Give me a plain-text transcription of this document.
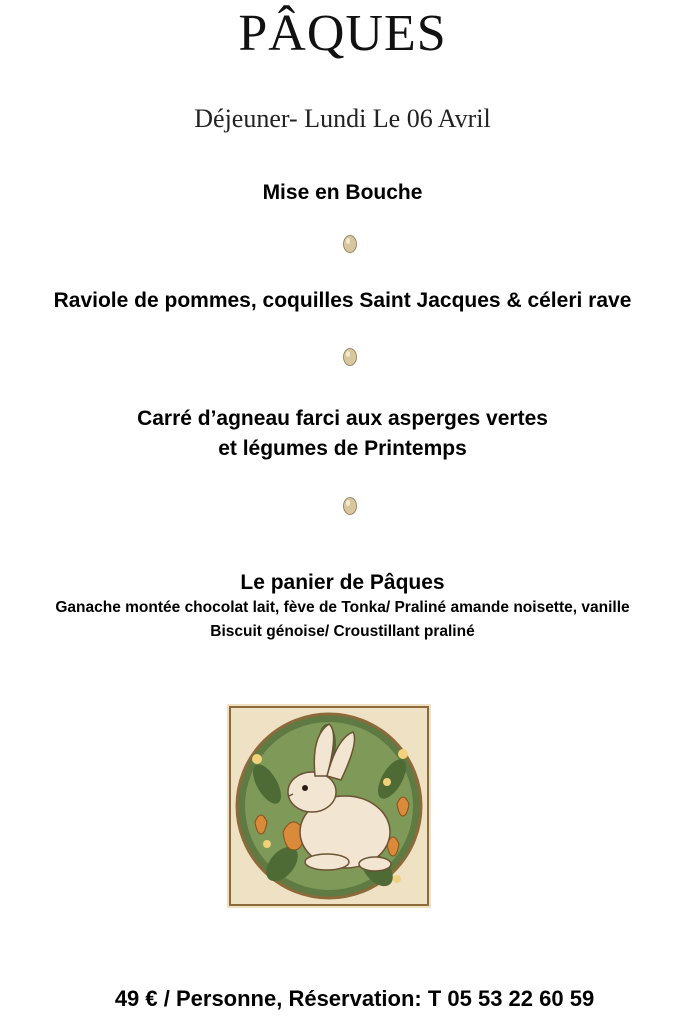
PÂQUES
Déjeuner- Lundi Le 06 Avril
Mise en Bouche
Raviole de pommes, coquilles Saint Jacques & céleri rave
Carré d’agneau farci aux asperges vertes
et légumes de Printemps
Le panier de Pâques
Ganache montée chocolat lait, fève de Tonka/ Praliné amande noisette, vanille
Biscuit génoise/ Croustillant praliné
49 € / Personne, Réservation: T 05 53 22 60 59
